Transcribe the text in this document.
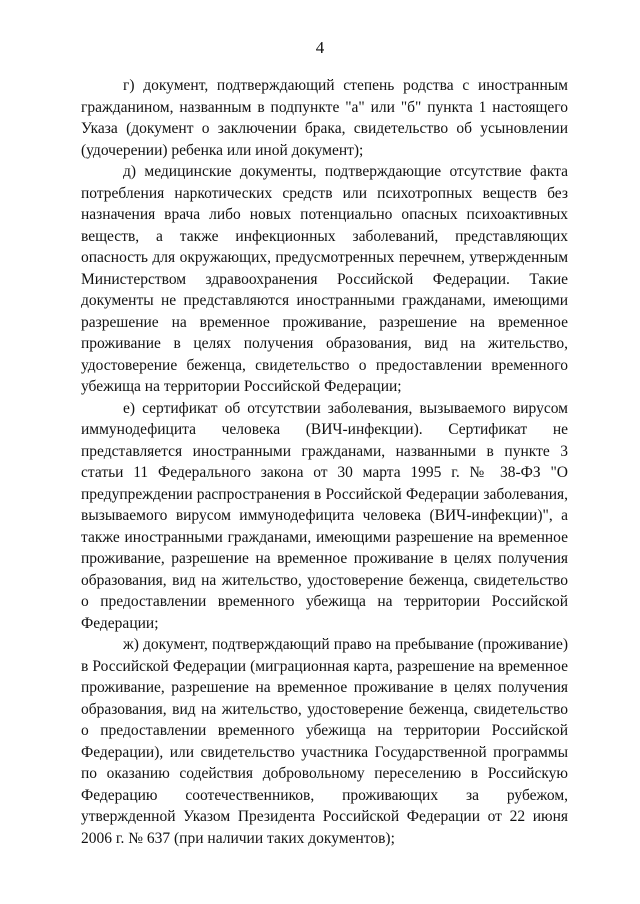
4

г) документ, подтверждающий степень родства с иностранным гражданином, названным в подпункте "а" или "б" пункта 1 настоящего Указа (документ о заключении брака, свидетельство об усыновлении (удочерении) ребенка или иной документ);

д) медицинские документы, подтверждающие отсутствие факта потребления наркотических средств или психотропных веществ без назначения врача либо новых потенциально опасных психоактивных веществ, а также инфекционных заболеваний, представляющих опасность для окружающих, предусмотренных перечнем, утвержденным Министерством здравоохранения Российской Федерации. Такие документы не представляются иностранными гражданами, имеющими разрешение на временное проживание, разрешение на временное проживание в целях получения образования, вид на жительство, удостоверение беженца, свидетельство о предоставлении временного убежища на территории Российской Федерации;

е) сертификат об отсутствии заболевания, вызываемого вирусом иммунодефицита человека (ВИЧ-инфекции). Сертификат не представляется иностранными гражданами, названными в пункте 3 статьи 11 Федерального закона от 30 марта 1995 г. № 38-ФЗ "О предупреждении распространения в Российской Федерации заболевания, вызываемого вирусом иммунодефицита человека (ВИЧ-инфекции)", а также иностранными гражданами, имеющими разрешение на временное проживание, разрешение на временное проживание в целях получения образования, вид на жительство, удостоверение беженца, свидетельство о предоставлении временного убежища на территории Российской Федерации;

ж) документ, подтверждающий право на пребывание (проживание) в Российской Федерации (миграционная карта, разрешение на временное проживание, разрешение на временное проживание в целях получения образования, вид на жительство, удостоверение беженца, свидетельство о предоставлении временного убежища на территории Российской Федерации), или свидетельство участника Государственной программы по оказанию содействия добровольному переселению в Российскую Федерацию соотечественников, проживающих за рубежом, утвержденной Указом Президента Российской Федерации от 22 июня 2006 г. № 637 (при наличии таких документов);
